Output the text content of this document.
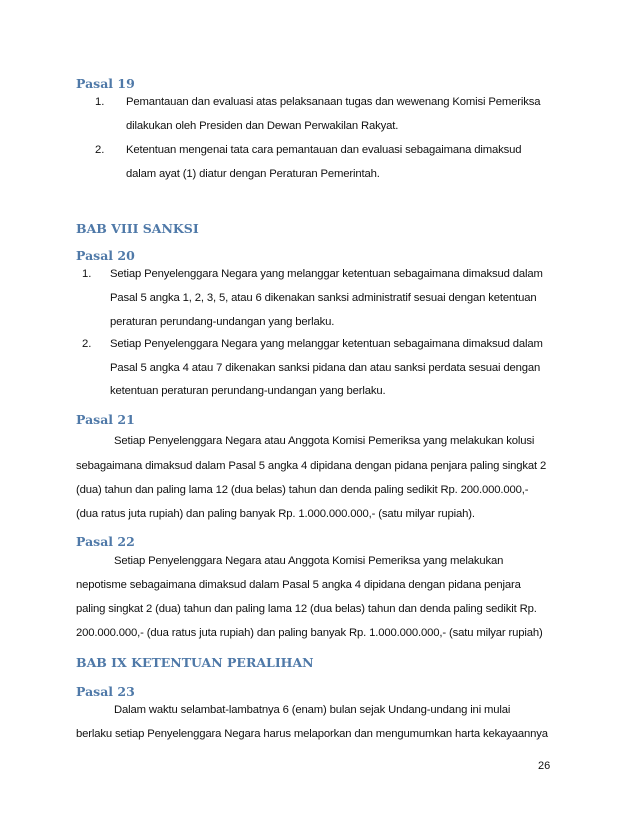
Pasal 19
1. Pemantauan dan evaluasi atas pelaksanaan tugas dan wewenang Komisi Pemeriksa
dilakukan oleh Presiden dan Dewan Perwakilan Rakyat.
2. Ketentuan mengenai tata cara pemantauan dan evaluasi sebagaimana dimaksud
dalam ayat (1) diatur dengan Peraturan Pemerintah.
BAB VIII SANKSI
Pasal 20
1. Setiap Penyelenggara Negara yang melanggar ketentuan sebagaimana dimaksud dalam
Pasal 5 angka 1, 2, 3, 5, atau 6 dikenakan sanksi administratif sesuai dengan ketentuan
peraturan perundang-undangan yang berlaku.
2. Setiap Penyelenggara Negara yang melanggar ketentuan sebagaimana dimaksud dalam
Pasal 5 angka 4 atau 7 dikenakan sanksi pidana dan atau sanksi perdata sesuai dengan
ketentuan peraturan perundang-undangan yang berlaku.
Pasal 21
Setiap Penyelenggara Negara atau Anggota Komisi Pemeriksa yang melakukan kolusi
sebagaimana dimaksud dalam Pasal 5 angka 4 dipidana dengan pidana penjara paling singkat 2
(dua) tahun dan paling lama 12 (dua belas) tahun dan denda paling sedikit Rp. 200.000.000,-
(dua ratus juta rupiah) dan paling banyak Rp. 1.000.000.000,- (satu milyar rupiah).
Pasal 22
Setiap Penyelenggara Negara atau Anggota Komisi Pemeriksa yang melakukan
nepotisme sebagaimana dimaksud dalam Pasal 5 angka 4 dipidana dengan pidana penjara
paling singkat 2 (dua) tahun dan paling lama 12 (dua belas) tahun dan denda paling sedikit Rp.
200.000.000,- (dua ratus juta rupiah) dan paling banyak Rp. 1.000.000.000,- (satu milyar rupiah)
BAB IX KETENTUAN PERALIHAN
Pasal 23
Dalam waktu selambat-lambatnya 6 (enam) bulan sejak Undang-undang ini mulai
berlaku setiap Penyelenggara Negara harus melaporkan dan mengumumkan harta kekayaannya
26
